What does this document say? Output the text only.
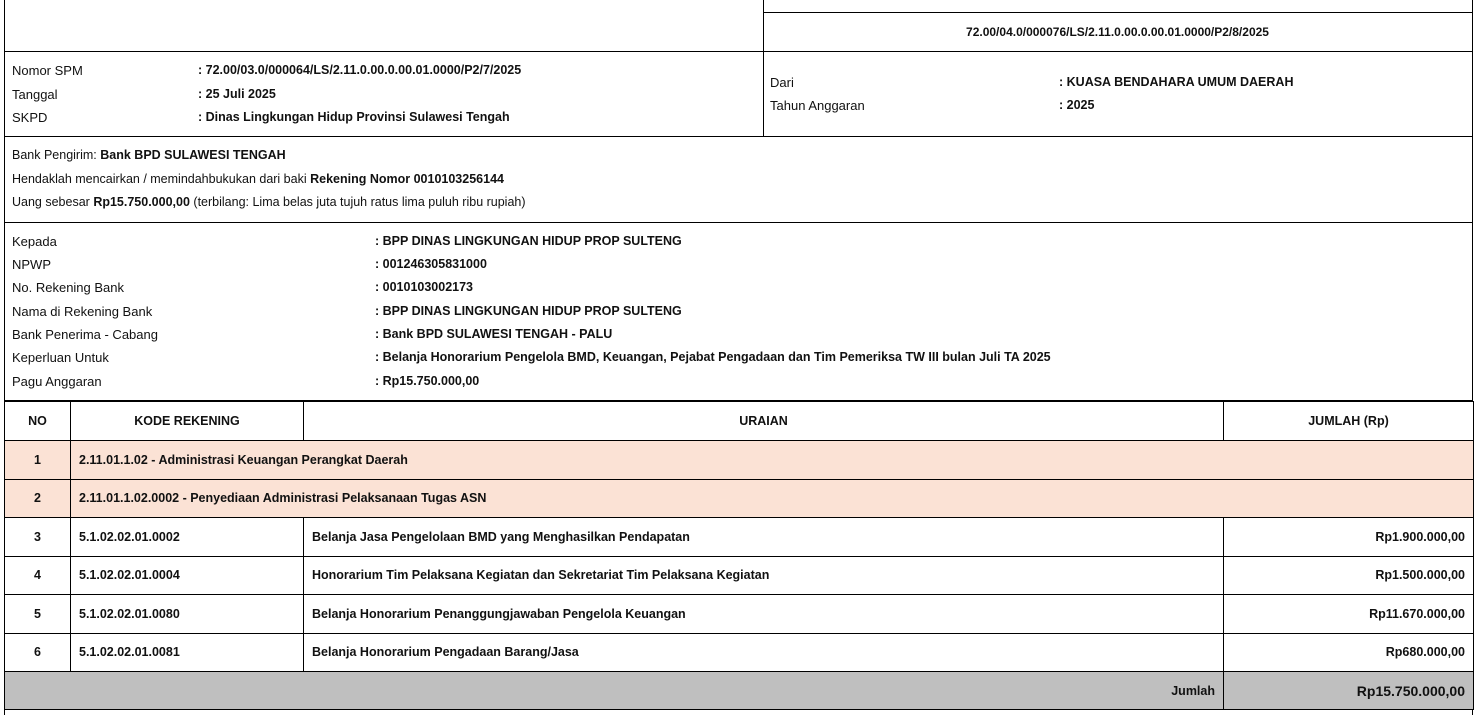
72.00/04.0/000076/LS/2.11.0.00.0.00.01.0000/P2/8/2025
Nomor SPM	: 72.00/03.0/000064/LS/2.11.0.00.0.00.01.0000/P2/7/2025
Tanggal	: 25 Juli 2025
SKPD	: Dinas Lingkungan Hidup Provinsi Sulawesi Tengah
Dari	: KUASA BENDAHARA UMUM DAERAH
Tahun Anggaran	: 2025
Bank Pengirim: Bank BPD SULAWESI TENGAH
Hendaklah mencairkan / memindahbukukan dari baki Rekening Nomor 0010103256144
Uang sebesar Rp15.750.000,00 (terbilang: Lima belas juta tujuh ratus lima puluh ribu rupiah)
Kepada	: BPP DINAS LINGKUNGAN HIDUP PROP SULTENG
NPWP	: 001246305831000
No. Rekening Bank	: 0010103002173
Nama di Rekening Bank	: BPP DINAS LINGKUNGAN HIDUP PROP SULTENG
Bank Penerima - Cabang	: Bank BPD SULAWESI TENGAH - PALU
Keperluan Untuk	: Belanja Honorarium Pengelola BMD, Keuangan, Pejabat Pengadaan dan Tim Pemeriksa TW III bulan Juli TA 2025
Pagu Anggaran	: Rp15.750.000,00
NO	KODE REKENING	URAIAN	JUMLAH (Rp)
1	2.11.01.1.02 - Administrasi Keuangan Perangkat Daerah		
2	2.11.01.1.02.0002 - Penyediaan Administrasi Pelaksanaan Tugas ASN		
3	5.1.02.02.01.0002	Belanja Jasa Pengelolaan BMD yang Menghasilkan Pendapatan	Rp1.900.000,00
4	5.1.02.02.01.0004	Honorarium Tim Pelaksana Kegiatan dan Sekretariat Tim Pelaksana Kegiatan	Rp1.500.000,00
5	5.1.02.02.01.0080	Belanja Honorarium Penanggungjawaban Pengelola Keuangan	Rp11.670.000,00
6	5.1.02.02.01.0081	Belanja Honorarium Pengadaan Barang/Jasa	Rp680.000,00
Jumlah			Rp15.750.000,00
